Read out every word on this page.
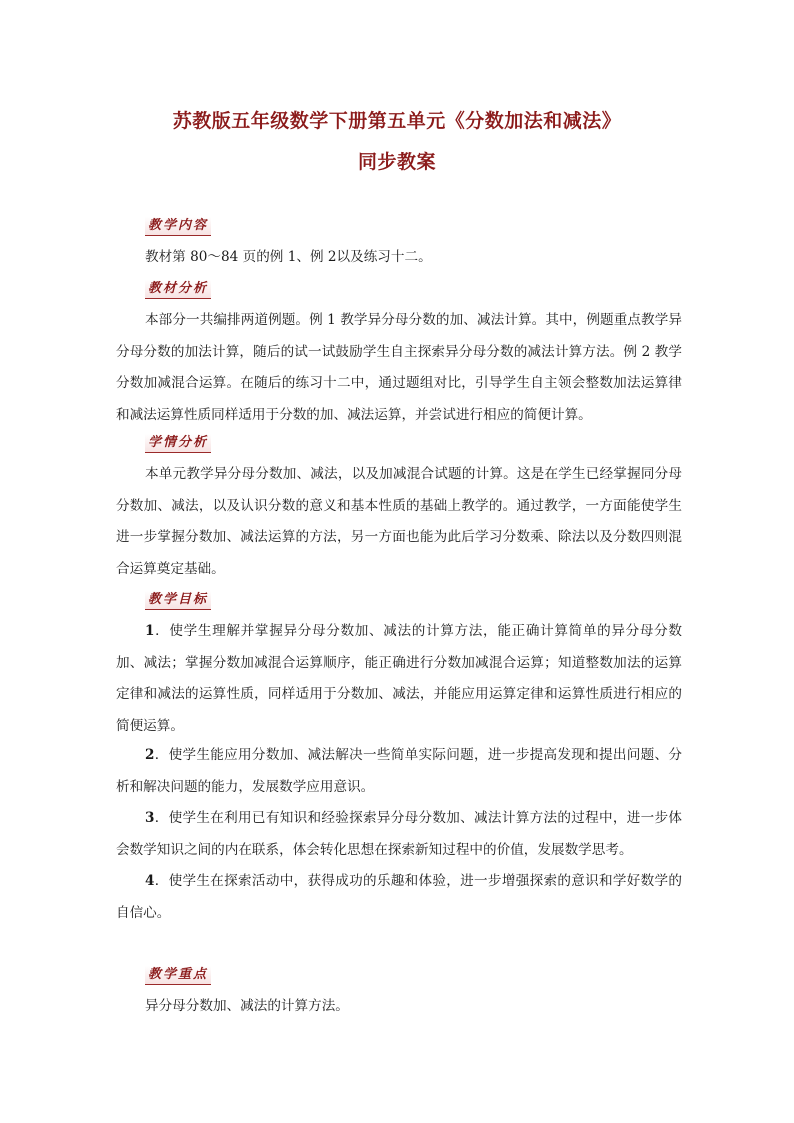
苏教版五年级数学下册第五单元《分数加法和减法》
同步教案
教学内容

教材第 80～84 页的例 1、例 2以及练习十二。

教材分析

本部分一共编排两道例题。例 1 教学异分母分数的加、减法计算。其中，例题重点教学异分母分数的加法计算，随后的试一试鼓励学生自主探索异分母分数的减法计算方法。例 2 教学分数加减混合运算。在随后的练习十二中，通过题组对比，引导学生自主领会整数加法运算律和减法运算性质同样适用于分数的加、减法运算，并尝试进行相应的简便计算。

学情分析

本单元教学异分母分数加、减法，以及加减混合试题的计算。这是在学生已经掌握同分母分数加、减法，以及认识分数的意义和基本性质的基础上教学的。通过教学，一方面能使学生进一步掌握分数加、减法运算的方法，另一方面也能为此后学习分数乘、除法以及分数四则混合运算奠定基础。

教学目标

1．使学生理解并掌握异分母分数加、减法的计算方法，能正确计算简单的异分母分数加、减法；掌握分数加减混合运算顺序，能正确进行分数加减混合运算；知道整数加法的运算定律和减法的运算性质，同样适用于分数加、减法，并能应用运算定律和运算性质进行相应的简便运算。

2．使学生能应用分数加、减法解决一些简单实际问题，进一步提高发现和提出问题、分析和解决问题的能力，发展数学应用意识。

3．使学生在利用已有知识和经验探索异分母分数加、减法计算方法的过程中，进一步体会数学知识之间的内在联系，体会转化思想在探索新知过程中的价值，发展数学思考。

4．使学生在探索活动中，获得成功的乐趣和体验，进一步增强探索的意识和学好数学的自信心。

教学重点

异分母分数加、减法的计算方法。
